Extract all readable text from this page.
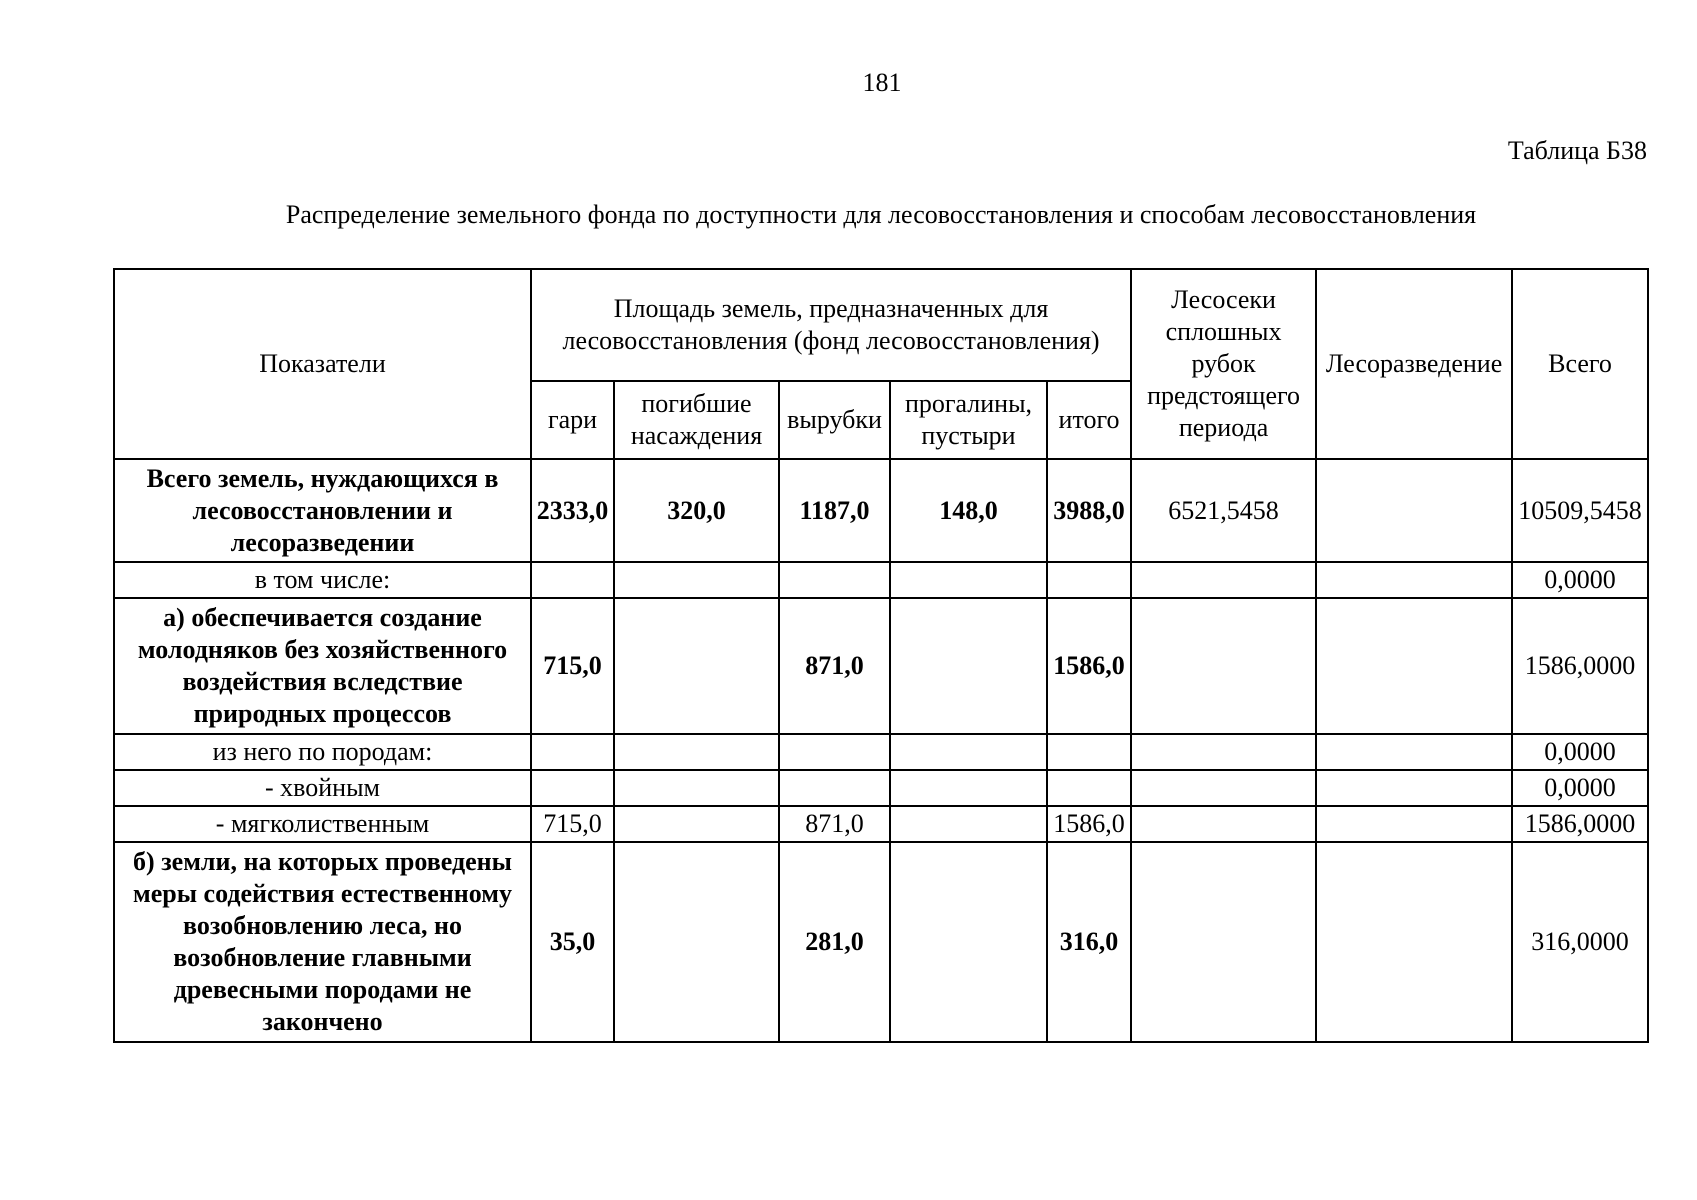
181
Таблица Б38
Распределение земельного фонда по доступности для лесовосстановления и способам лесовосстановления
Показатели	Площадь земель, предназначенных для лесовосстановления (фонд лесовосстановления)					Лесосеки сплошных рубок предстоящего периода	Лесоразведение	Всего
	гари	погибшие насаждения	вырубки	прогалины, пустыри	итого			
Всего земель, нуждающихся в лесовосстановлении и лесоразведении	2333,0	320,0	1187,0	148,0	3988,0	6521,5458		10509,5458
в том числе:								0,0000
а) обеспечивается создание молодняков без хозяйственного воздействия вследствие природных процессов	715,0		871,0		1586,0			1586,0000
из него по породам:								0,0000
- хвойным								0,0000
- мягколиственным	715,0		871,0		1586,0			1586,0000
б) земли, на которых проведены меры содействия естественному возобновлению леса, но возобновление главными древесными породами не закончено	35,0		281,0		316,0			316,0000
